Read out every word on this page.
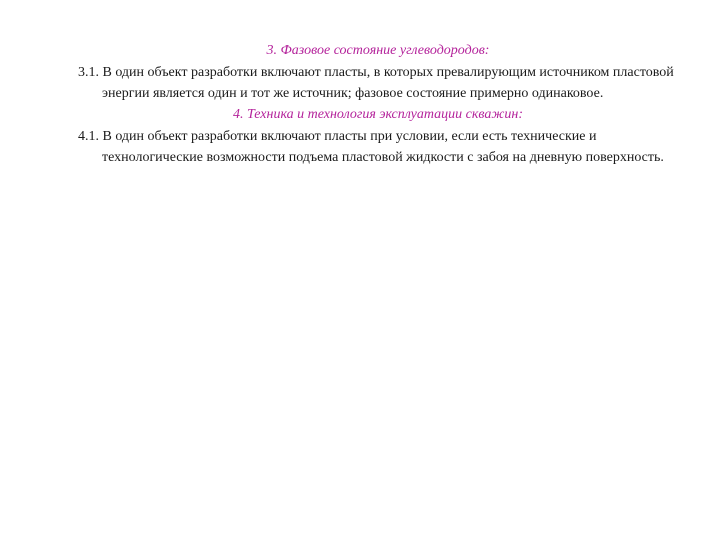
3. Фазовое состояние углеводородов:

3.1. В один объект разработки включают пласты, в которых превалирующим источником пластовой энергии является один и тот же источник; фазовое состояние примерно одинаковое.

4. Техника и технология эксплуатации скважин:

4.1. В один объект разработки включают пласты при условии, если есть технические и технологические возможности подъема пластовой жидкости с забоя на дневную поверхность.
